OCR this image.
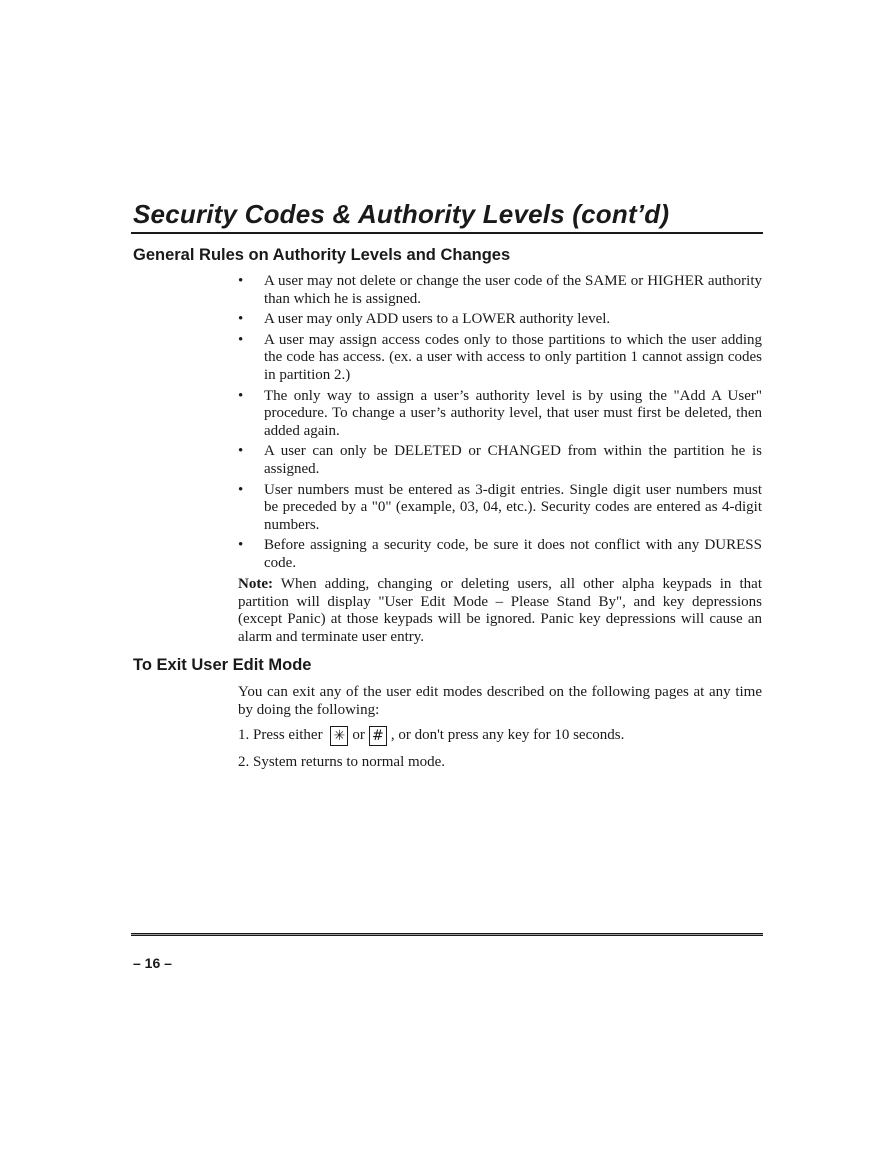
Security Codes & Authority Levels (cont’d)
General Rules on Authority Levels and Changes
• A user may not delete or change the user code of the SAME or HIGHER authority than which he is assigned.
• A user may only ADD users to a LOWER authority level.
• A user may assign access codes only to those partitions to which the user adding the code has access. (ex. a user with access to only partition 1 cannot assign codes in partition 2.)
• The only way to assign a user’s authority level is by using the "Add A User" procedure. To change a user’s authority level, that user must first be deleted, then added again.
• A user can only be DELETED or CHANGED from within the partition he is assigned.
• User numbers must be entered as 3-digit entries. Single digit user numbers must be preceded by a "0" (example, 03, 04, etc.). Security codes are entered as 4-digit numbers.
• Before assigning a security code, be sure it does not conflict with any DURESS code.

Note: When adding, changing or deleting users, all other alpha keypads in that partition will display "User Edit Mode – Please Stand By", and key depressions (except Panic) at those keypads will be ignored. Panic key depressions will cause an alarm and terminate user entry.

To Exit User Edit Mode

You can exit any of the user edit modes described on the following pages at any time by doing the following:

1. Press either ✳ or # , or don't press any key for 10 seconds.

2. System returns to normal mode.

– 16 –
